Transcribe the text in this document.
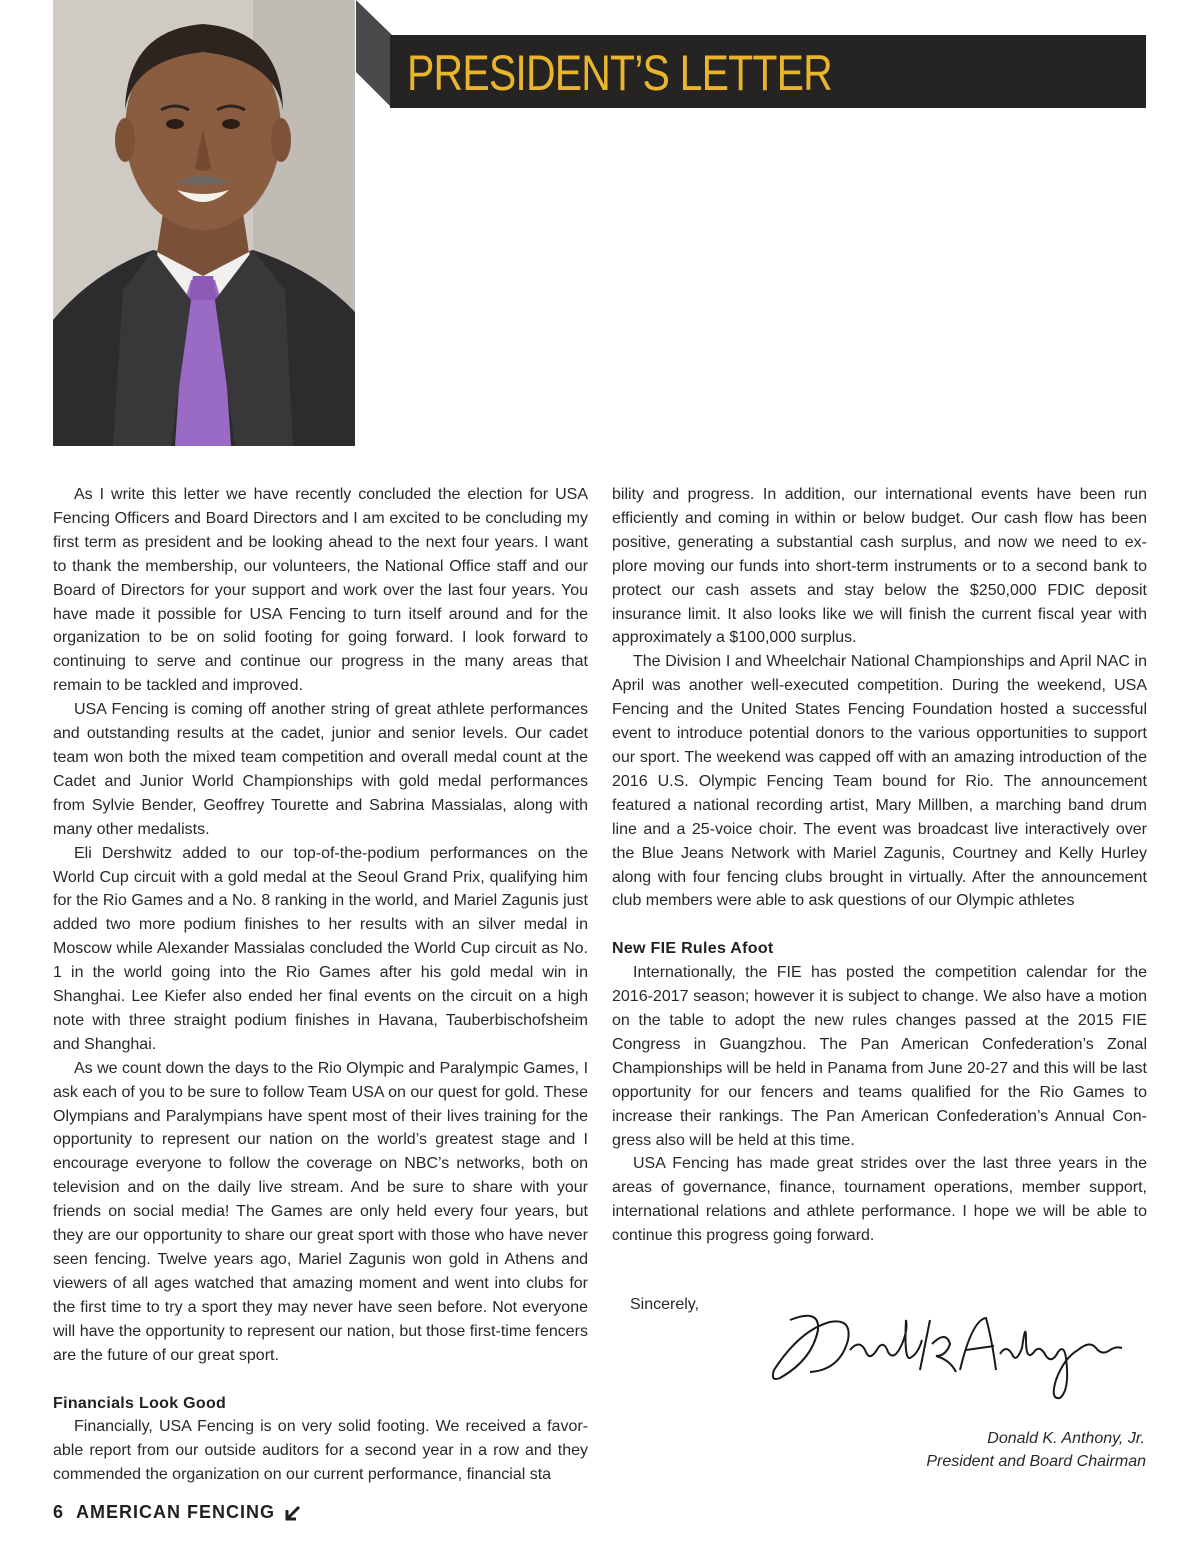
PRESIDENT’S LETTER

As I write this letter we have recently concluded the election for USA Fencing Officers and Board Directors and I am excited to be concluding my first term as president and be looking ahead to the next four years. I want to thank the membership, our volunteers, the National Office staff and our Board of Directors for your support and work over the last four years. You have made it possible for USA Fencing to turn itself around and for the organization to be on solid footing for going forward. I look forward to continuing to serve and continue our progress in the many areas that remain to be tackled and improved.

USA Fencing is coming off another string of great athlete performances and outstanding results at the cadet, junior and senior levels. Our cadet team won both the mixed team competition and overall medal count at the Cadet and Junior World Championships with gold medal performances from Sylvie Bender, Geoffrey Tourette and Sabrina Massialas, along with many other medalists.

Eli Dershwitz added to our top-of-the-podium performances on the World Cup circuit with a gold medal at the Seoul Grand Prix, qualifying him for the Rio Games and a No. 8 ranking in the world, and Mariel Zagunis just added two more podium finishes to her results with an silver medal in Moscow while Alexander Massialas concluded the World Cup circuit as No. 1 in the world going into the Rio Games after his gold medal win in Shanghai. Lee Kiefer also ended her final events on the circuit on a high note with three straight podium finishes in Havana, Tauberbischofsheim and Shanghai.

As we count down the days to the Rio Olympic and Paralympic Games, I ask each of you to be sure to follow Team USA on our quest for gold. These Olympians and Paralympians have spent most of their lives training for the opportunity to represent our nation on the world’s greatest stage and I encourage everyone to follow the coverage on NBC’s networks, both on television and on the daily live stream. And be sure to share with your friends on social media! The Games are only held every four years, but they are our opportunity to share our great sport with those who have never seen fencing. Twelve years ago, Mariel Zagunis won gold in Athens and viewers of all ages watched that amazing moment and went into clubs for the first time to try a sport they may never have seen before. Not everyone will have the opportunity to represent our nation, but those first-time fencers are the future of our great sport.

Financials Look Good

Financially, USA Fencing is on very solid footing. We received a favorable report from our outside auditors for a second year in a row and they commended the organization on our current performance, financial sta

bility and progress. In addition, our international events have been run efficiently and coming in within or below budget. Our cash flow has been positive, generating a substantial cash surplus, and now we need to explore moving our funds into short-term instruments or to a second bank to protect our cash assets and stay below the $250,000 FDIC deposit insurance limit. It also looks like we will finish the current fiscal year with approximately a $100,000 surplus.

The Division I and Wheelchair National Championships and April NAC in April was another well-executed competition. During the weekend, USA Fencing and the United States Fencing Foundation hosted a successful event to introduce potential donors to the various opportunities to support our sport. The weekend was capped off with an amazing introduction of the 2016 U.S. Olympic Fencing Team bound for Rio. The announcement featured a national recording artist, Mary Millben, a marching band drum line and a 25-voice choir. The event was broadcast live interactively over the Blue Jeans Network with Mariel Zagunis, Courtney and Kelly Hurley along with four fencing clubs brought in virtually. After the announcement club members were able to ask questions of our Olympic athletes

New FIE Rules Afoot

Internationally, the FIE has posted the competition calendar for the 2016-2017 season; however it is subject to change. We also have a motion on the table to adopt the new rules changes passed at the 2015 FIE Congress in Guangzhou. The Pan American Confederation’s Zonal Championships will be held in Panama from June 20-27 and this will be last opportunity for our fencers and teams qualified for the Rio Games to increase their rankings. The Pan American Confederation’s Annual Congress also will be held at this time.

USA Fencing has made great strides over the last three years in the areas of governance, finance, tournament operations, member support, international relations and athlete performance. I hope we will be able to continue this progress going forward.

Sincerely,
Donald K. Anthony, Jr.
President and Board Chairman
6 AMERICAN FENCING
